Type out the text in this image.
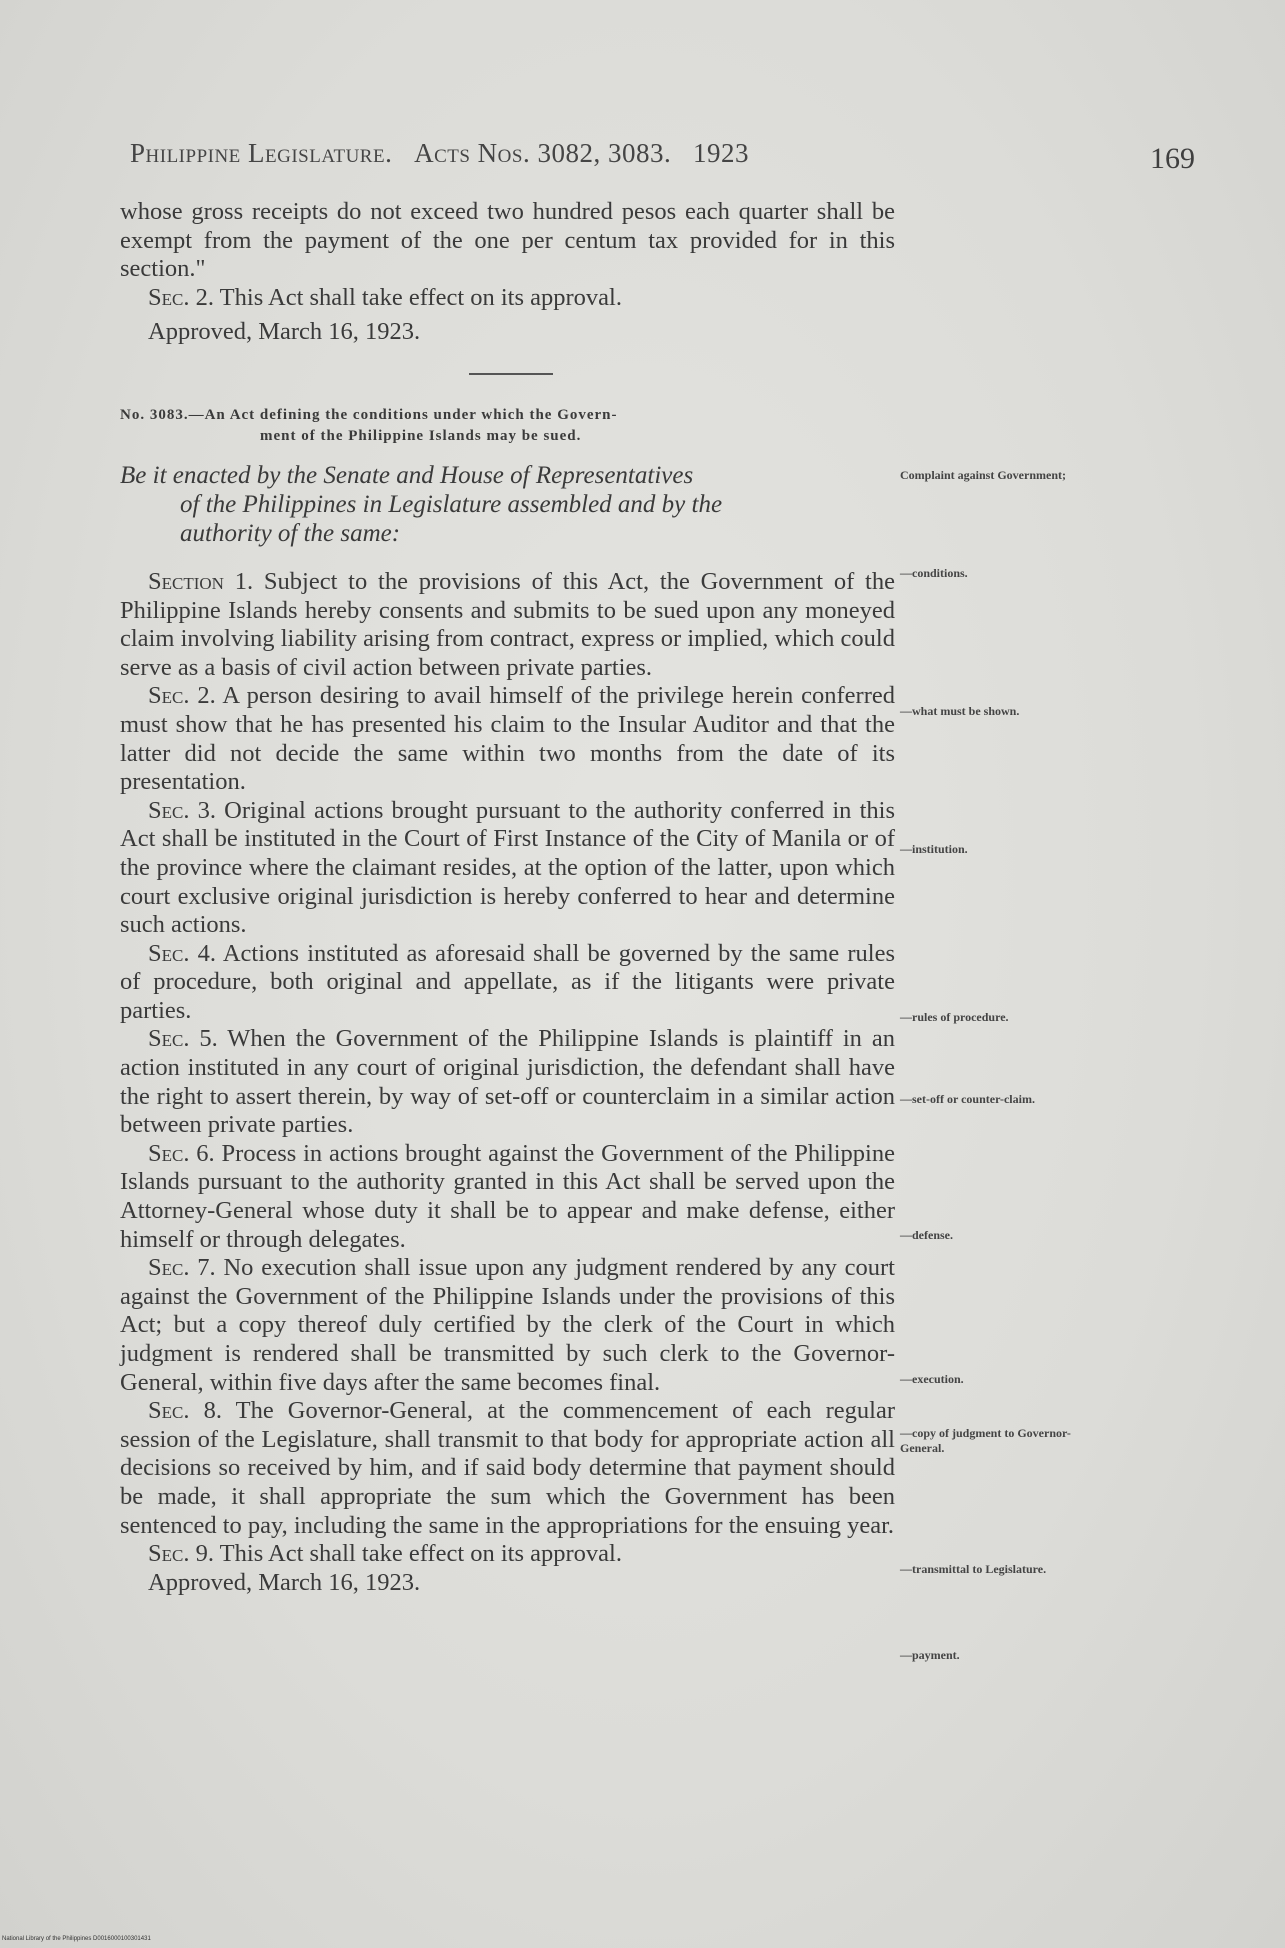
Philippine Legislature. Acts Nos. 3082, 3083. 1923	169

whose gross receipts do not exceed two hundred pesos each quarter shall be exempt from the payment of the one per centum tax provided for in this section."

Sec. 2. This Act shall take effect on its approval.

Approved, March 16, 1923.

No. 3083.—An Act defining the conditions under which the Govern-
ment of the Philippine Islands may be sued.
Be it enacted by the Senate and House of Representatives
of the Philippines in Legislature assembled and by the
authority of the same:

Section 1. Subject to the provisions of this Act, the Government of the Philippine Islands hereby consents and submits to be sued upon any moneyed claim involving liability arising from contract, express or implied, which could serve as a basis of civil action between private parties.

Sec. 2. A person desiring to avail himself of the privilege herein conferred must show that he has presented his claim to the Insular Auditor and that the latter did not decide the same within two months from the date of its presentation.

Sec. 3. Original actions brought pursuant to the authority conferred in this Act shall be instituted in the Court of First Instance of the City of Manila or of the province where the claimant resides, at the option of the latter, upon which court exclusive original jurisdiction is hereby conferred to hear and determine such actions.

Sec. 4. Actions instituted as aforesaid shall be governed by the same rules of procedure, both original and appellate, as if the litigants were private parties.

Sec. 5. When the Government of the Philippine Islands is plaintiff in an action instituted in any court of original jurisdiction, the defendant shall have the right to assert therein, by way of set-off or counterclaim in a similar action between private parties.

Sec. 6. Process in actions brought against the Government of the Philippine Islands pursuant to the authority granted in this Act shall be served upon the Attorney-General whose duty it shall be to appear and make defense, either himself or through delegates.

Sec. 7. No execution shall issue upon any judgment rendered by any court against the Government of the Philippine Islands under the provisions of this Act; but a copy thereof duly certified by the clerk of the Court in which judgment is rendered shall be transmitted by such clerk to the Governor-General, within five days after the same becomes final.

Sec. 8. The Governor-General, at the commencement of each regular session of the Legislature, shall transmit to that body for appropriate action all decisions so received by him, and if said body determine that payment should be made, it shall appropriate the sum which the Government has been sentenced to pay, including the same in the appropriations for the ensuing year.

Sec. 9. This Act shall take effect on its approval.

Approved, March 16, 1923.

Complaint against Government;
—conditions.
—what must be shown.
—institution.
—rules of procedure.
—set-off or counter-claim.
—defense.
—execution.
—copy of judgment to Governor-General.
—transmittal to Legislature.
—payment.
National Library of the Philippines D0016000100301431
